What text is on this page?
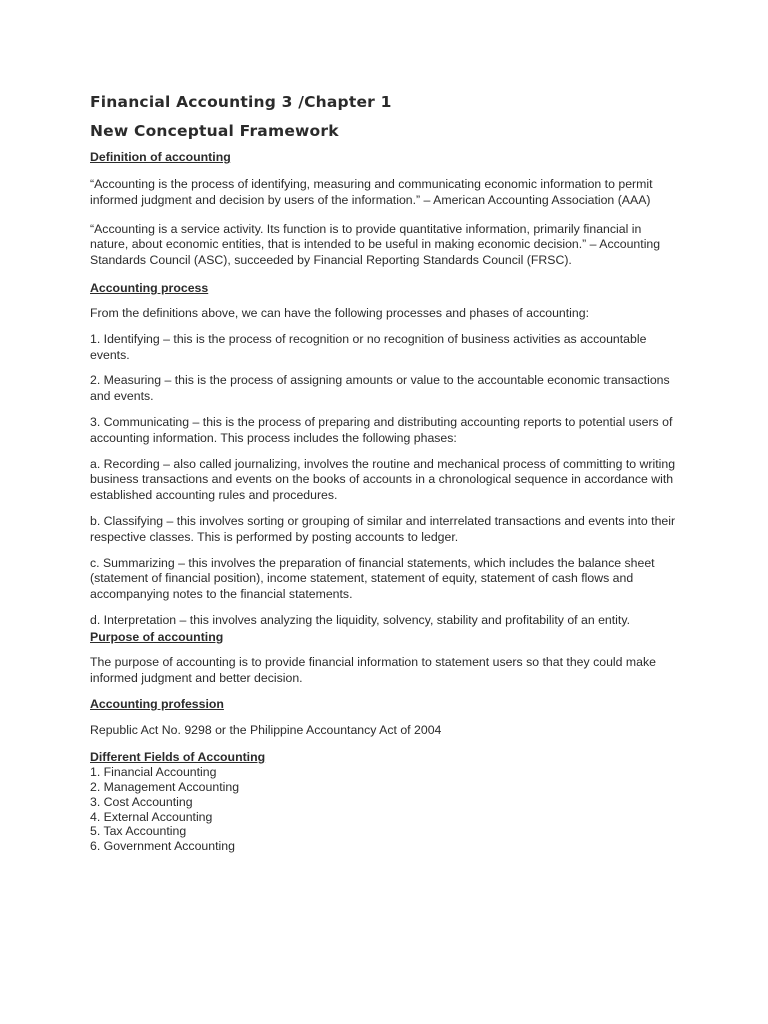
Financial Accounting 3 /Chapter 1
New Conceptual Framework

Definition of accounting

“Accounting is the process of identifying, measuring and communicating economic information to permit informed judgment and decision by users of the information.” – American Accounting Association (AAA)

“Accounting is a service activity. Its function is to provide quantitative information, primarily financial in nature, about economic entities, that is intended to be useful in making economic decision.” – Accounting Standards Council (ASC), succeeded by Financial Reporting Standards Council (FRSC).

Accounting process

From the definitions above, we can have the following processes and phases of accounting:

1. Identifying – this is the process of recognition or no recognition of business activities as accountable events.

2. Measuring – this is the process of assigning amounts or value to the accountable economic transactions and events.

3. Communicating – this is the process of preparing and distributing accounting reports to potential users of accounting information. This process includes the following phases:

a. Recording – also called journalizing, involves the routine and mechanical process of committing to writing business transactions and events on the books of accounts in a chronological sequence in accordance with established accounting rules and procedures.

b. Classifying – this involves sorting or grouping of similar and interrelated transactions and events into their respective classes. This is performed by posting accounts to ledger.

c. Summarizing – this involves the preparation of financial statements, which includes the balance sheet (statement of financial position), income statement, statement of equity, statement of cash flows and accompanying notes to the financial statements.

d. Interpretation – this involves analyzing the liquidity, solvency, stability and profitability of an entity.

Purpose of accounting

The purpose of accounting is to provide financial information to statement users so that they could make informed judgment and better decision.

Accounting profession

Republic Act No. 9298 or the Philippine Accountancy Act of 2004

Different Fields of Accounting

1. Financial Accounting
2. Management Accounting
3. Cost Accounting
4. External Accounting
5. Tax Accounting
6. Government Accounting
